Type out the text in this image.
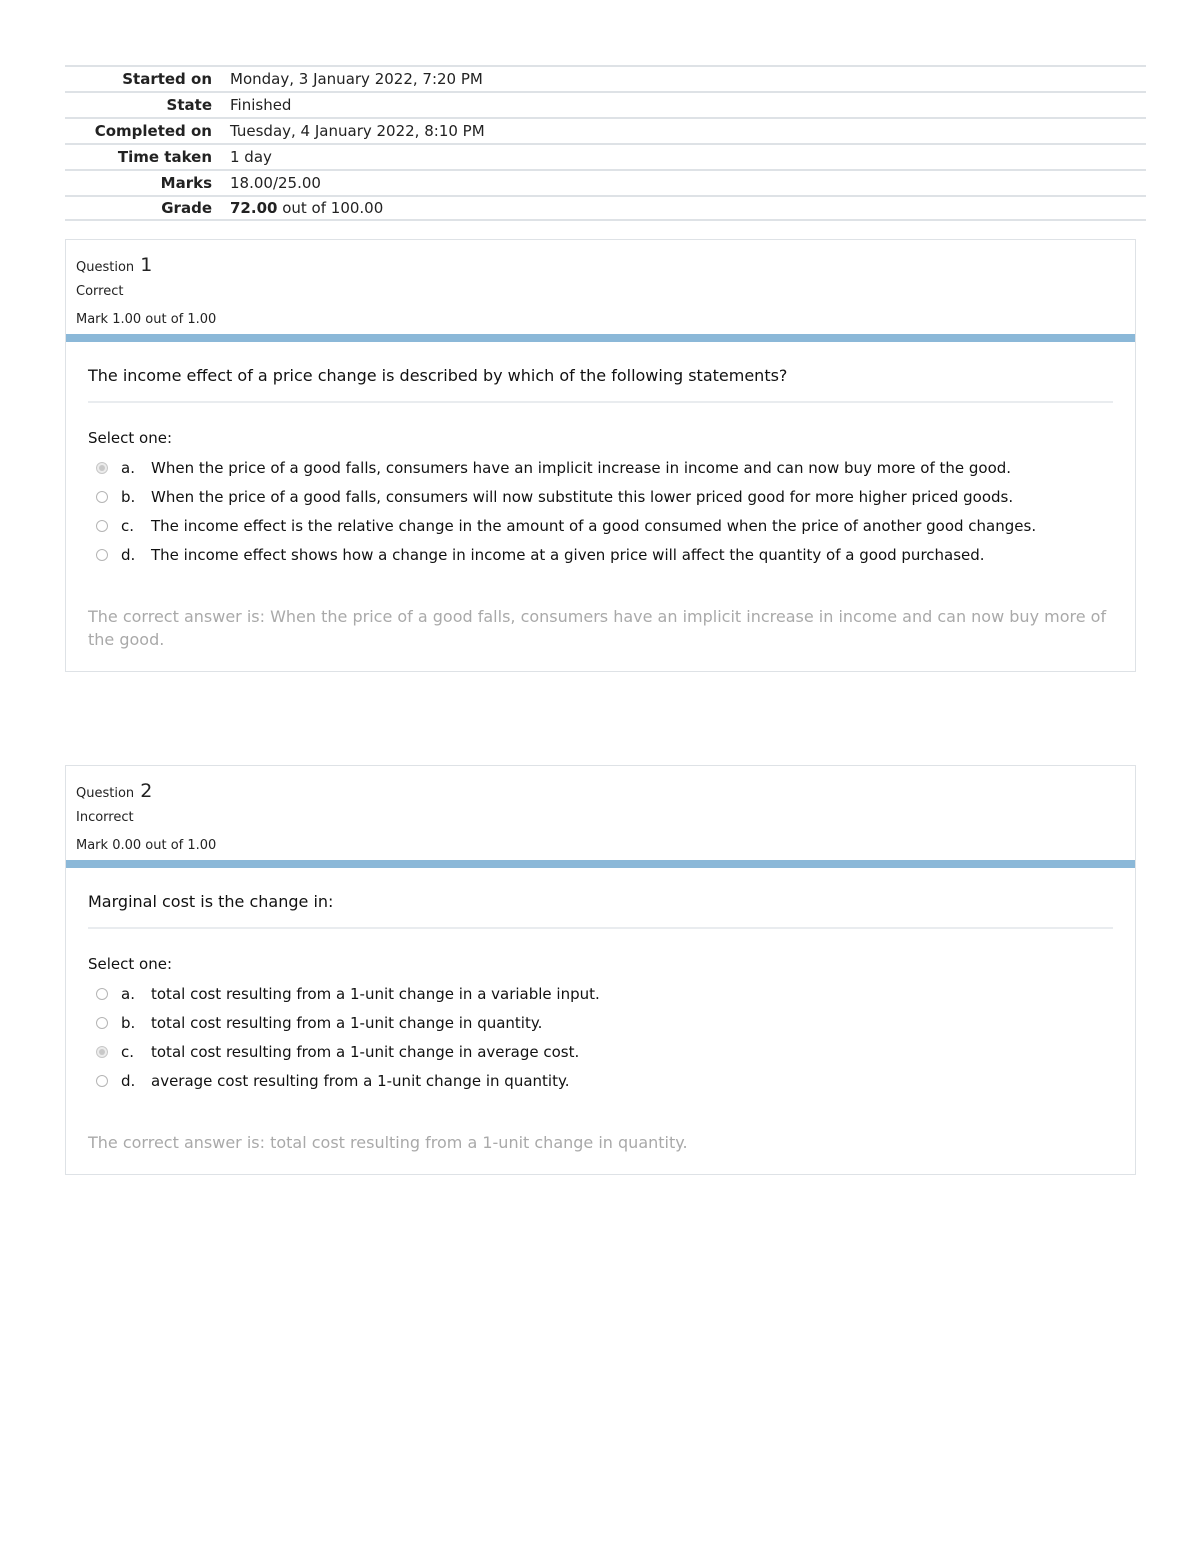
Started on	Monday, 3 January 2022, 7:20 PM
State	Finished
Completed on	Tuesday, 4 January 2022, 8:10 PM
Time taken	1 day
Marks	18.00/25.00
Grade	72.00 out of 100.00
Question 1
Correct
Mark 1.00 out of 1.00
The income effect of a price change is described by which of the following statements?
Select one:
a.	When the price of a good falls, consumers have an implicit increase in income and can now buy more of the good.
b.	When the price of a good falls, consumers will now substitute this lower priced good for more higher priced goods.
c.	The income effect is the relative change in the amount of a good consumed when the price of another good changes.
d.	The income effect shows how a change in income at a given price will affect the quantity of a good purchased.
The correct answer is: When the price of a good falls, consumers have an implicit increase in income and can now buy more of the good.
Question 2
Incorrect
Mark 0.00 out of 1.00
Marginal cost is the change in:
Select one:
a.	total cost resulting from a 1-unit change in a variable input.
b.	total cost resulting from a 1-unit change in quantity.
c.	total cost resulting from a 1-unit change in average cost.
d.	average cost resulting from a 1-unit change in quantity.
The correct answer is: total cost resulting from a 1-unit change in quantity.
